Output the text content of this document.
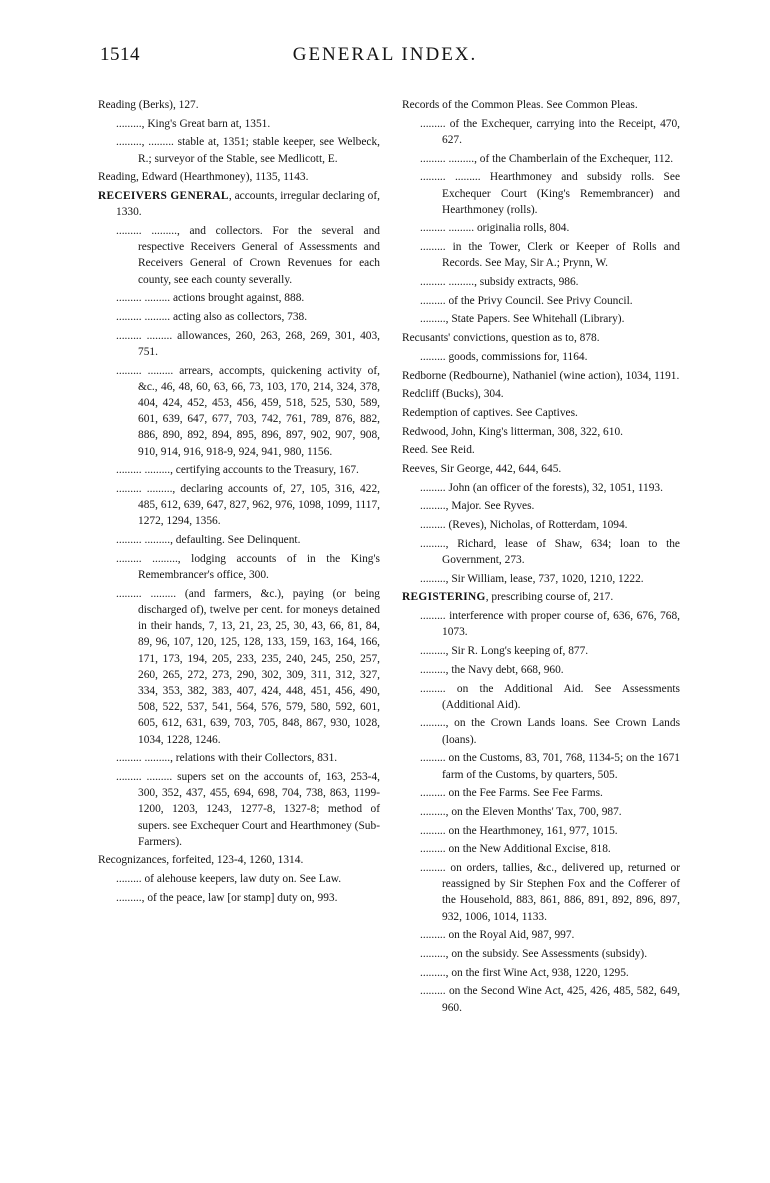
1514	GENERAL INDEX.
Reading (Berks), 127.
........., King's Great barn at, 1351.
........., ......... stable at, 1351; stable keeper, see Welbeck, R.; surveyor of the Stable, see Medlicott, E.
Reading, Edward (Hearthmoney), 1135, 1143.
RECEIVERS GENERAL, accounts, irregular declaring of, 1330.
......... ........., and collectors. For the several and respective Receivers General of Assessments and Receivers General of Crown Revenues for each county, see each county severally.
......... ......... actions brought against, 888.
......... ......... acting also as collectors, 738.
......... ......... allowances, 260, 263, 268, 269, 301, 403, 751.
......... ......... arrears, accompts, quickening activity of, &c., 46, 48, 60, 63, 66, 73, 103, 170, 214, 324, 378, 404, 424, 452, 453, 456, 459, 518, 525, 530, 589, 601, 639, 647, 677, 703, 742, 761, 789, 876, 882, 886, 890, 892, 894, 895, 896, 897, 902, 907, 908, 910, 914, 916, 918-9, 924, 941, 980, 1156.
......... ........., certifying accounts to the Treasury, 167.
......... ........., declaring accounts of, 27, 105, 316, 422, 485, 612, 639, 647, 827, 962, 976, 1098, 1099, 1117, 1272, 1294, 1356.
......... ........., defaulting. See Delinquent.
......... ........., lodging accounts of in the King's Remembrancer's office, 300.
......... ......... (and farmers, &c.), paying (or being discharged of), twelve per cent. for moneys detained in their hands, 7, 13, 21, 23, 25, 30, 43, 66, 81, 84, 89, 96, 107, 120, 125, 128, 133, 159, 163, 164, 166, 171, 173, 194, 205, 233, 235, 240, 245, 250, 257, 260, 265, 272, 273, 290, 302, 309, 311, 312, 327, 334, 353, 382, 383, 407, 424, 448, 451, 456, 490, 508, 522, 537, 541, 564, 576, 579, 580, 592, 601, 605, 612, 631, 639, 703, 705, 848, 867, 930, 1028, 1034, 1228, 1246.
......... ........., relations with their Collectors, 831.
......... ......... supers set on the accounts of, 163, 253-4, 300, 352, 437, 455, 694, 698, 704, 738, 863, 1199-1200, 1203, 1243, 1277-8, 1327-8; method of supers. see Exchequer Court and Hearthmoney (Sub-Farmers).
Recognizances, forfeited, 123-4, 1260, 1314.
......... of alehouse keepers, law duty on. See Law.
........., of the peace, law [or stamp] duty on, 993.
Records of the Common Pleas. See Common Pleas.
......... of the Exchequer, carrying into the Receipt, 470, 627.
......... ........., of the Chamberlain of the Exchequer, 112.
......... ......... Hearthmoney and subsidy rolls. See Exchequer Court (King's Remembrancer) and Hearthmoney (rolls).
......... ......... originalia rolls, 804.
......... in the Tower, Clerk or Keeper of Rolls and Records. See May, Sir A.; Prynn, W.
......... ........., subsidy extracts, 986.
......... of the Privy Council. See Privy Council.
........., State Papers. See Whitehall (Library).
Recusants' convictions, question as to, 878.
......... goods, commissions for, 1164.
Redborne (Redbourne), Nathaniel (wine action), 1034, 1191.
Redcliff (Bucks), 304.
Redemption of captives. See Captives.
Redwood, John, King's litterman, 308, 322, 610.
Reed. See Reid.
Reeves, Sir George, 442, 644, 645.
......... John (an officer of the forests), 32, 1051, 1193.
........., Major. See Ryves.
......... (Reves), Nicholas, of Rotterdam, 1094.
........., Richard, lease of Shaw, 634; loan to the Government, 273.
........., Sir William, lease, 737, 1020, 1210, 1222.
REGISTERING, prescribing course of, 217.
......... interference with proper course of, 636, 676, 768, 1073.
........., Sir R. Long's keeping of, 877.
........., the Navy debt, 668, 960.
......... on the Additional Aid. See Assessments (Additional Aid).
........., on the Crown Lands loans. See Crown Lands (loans).
......... on the Customs, 83, 701, 768, 1134-5; on the 1671 farm of the Customs, by quarters, 505.
......... on the Fee Farms. See Fee Farms.
........., on the Eleven Months' Tax, 700, 987.
......... on the Hearthmoney, 161, 977, 1015.
......... on the New Additional Excise, 818.
......... on orders, tallies, &c., delivered up, returned or reassigned by Sir Stephen Fox and the Cofferer of the Household, 883, 861, 886, 891, 892, 896, 897, 932, 1006, 1014, 1133.
......... on the Royal Aid, 987, 997.
........., on the subsidy. See Assessments (subsidy).
........., on the first Wine Act, 938, 1220, 1295.
......... on the Second Wine Act, 425, 426, 485, 582, 649, 960.
